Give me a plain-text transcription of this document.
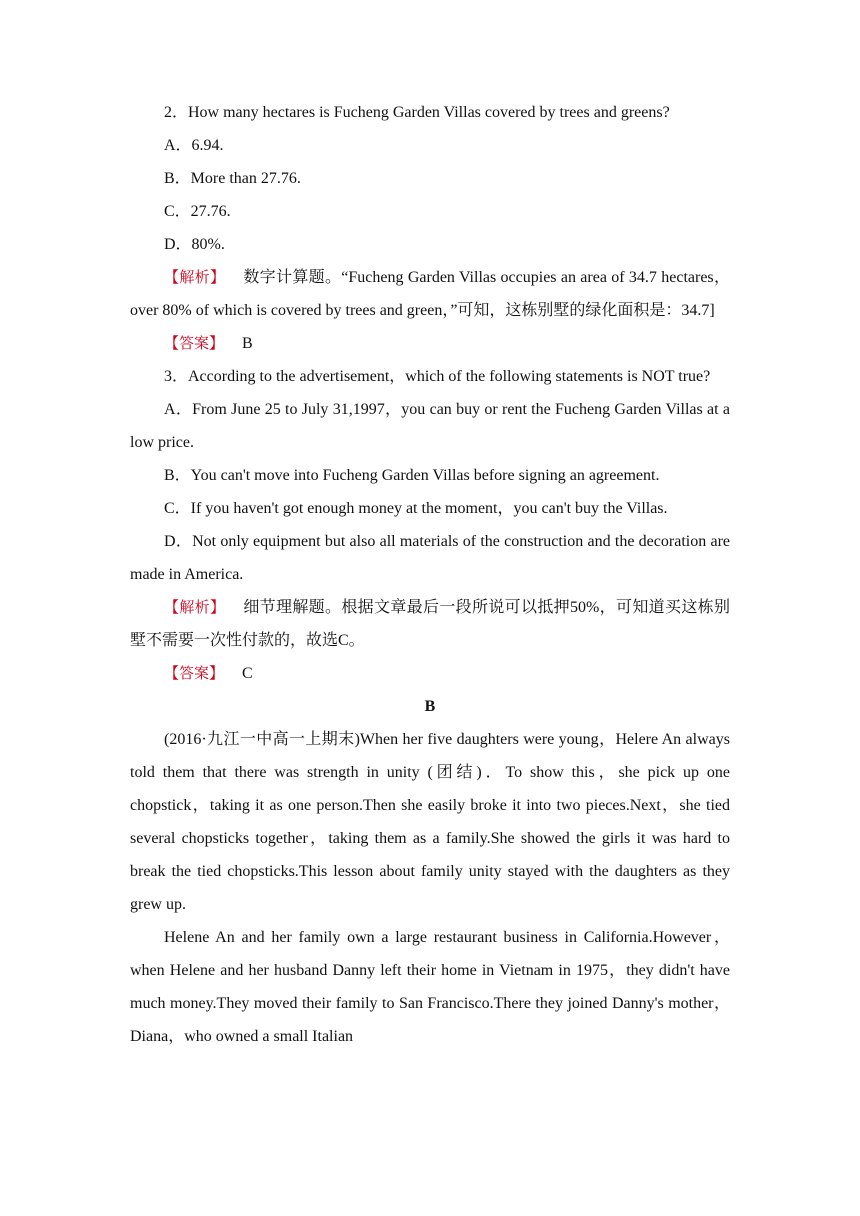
2．How many hectares is Fucheng Garden Villas covered by trees and greens?

A．6.94.

B．More than 27.76.

C．27.76.

D．80%.

【解析】 数字计算题。“Fucheng Garden Villas occupies an area of 34.7 hectares，over 80% of which is covered by trees and green，”可知，这栋别墅的绿化面积是：34.7]

【答案】 B

3．According to the advertisement，which of the following statements is NOT true?

A．From June 25 to July 31,1997，you can buy or rent the Fucheng Garden Villas at a low price.

B．You can't move into Fucheng Garden Villas before signing an agreement.

C．If you haven't got enough money at the moment，you can't buy the Villas.

D．Not only equipment but also all materials of the construction and the decoration are made in America.

【解析】 细节理解题。根据文章最后一段所说可以抵押50%，可知道买这栋别墅不需要一次性付款的，故选C。

【答案】 C

B

(2016·九江一中高一上期末)When her five daughters were young，Helere An always told them that there was strength in unity (团结)．To show this，she pick up one chopstick，taking it as one person.Then she easily broke it into two pieces.Next，she tied several chopsticks together，taking them as a family.She showed the girls it was hard to break the tied chopsticks.This lesson about family unity stayed with the daughters as they grew up.

Helene An and her family own a large restaurant business in California.However，when Helene and her husband Danny left their home in Vietnam in 1975，they didn't have much money.They moved their family to San Francisco.There they joined Danny's mother，Diana，who owned a small Italian
